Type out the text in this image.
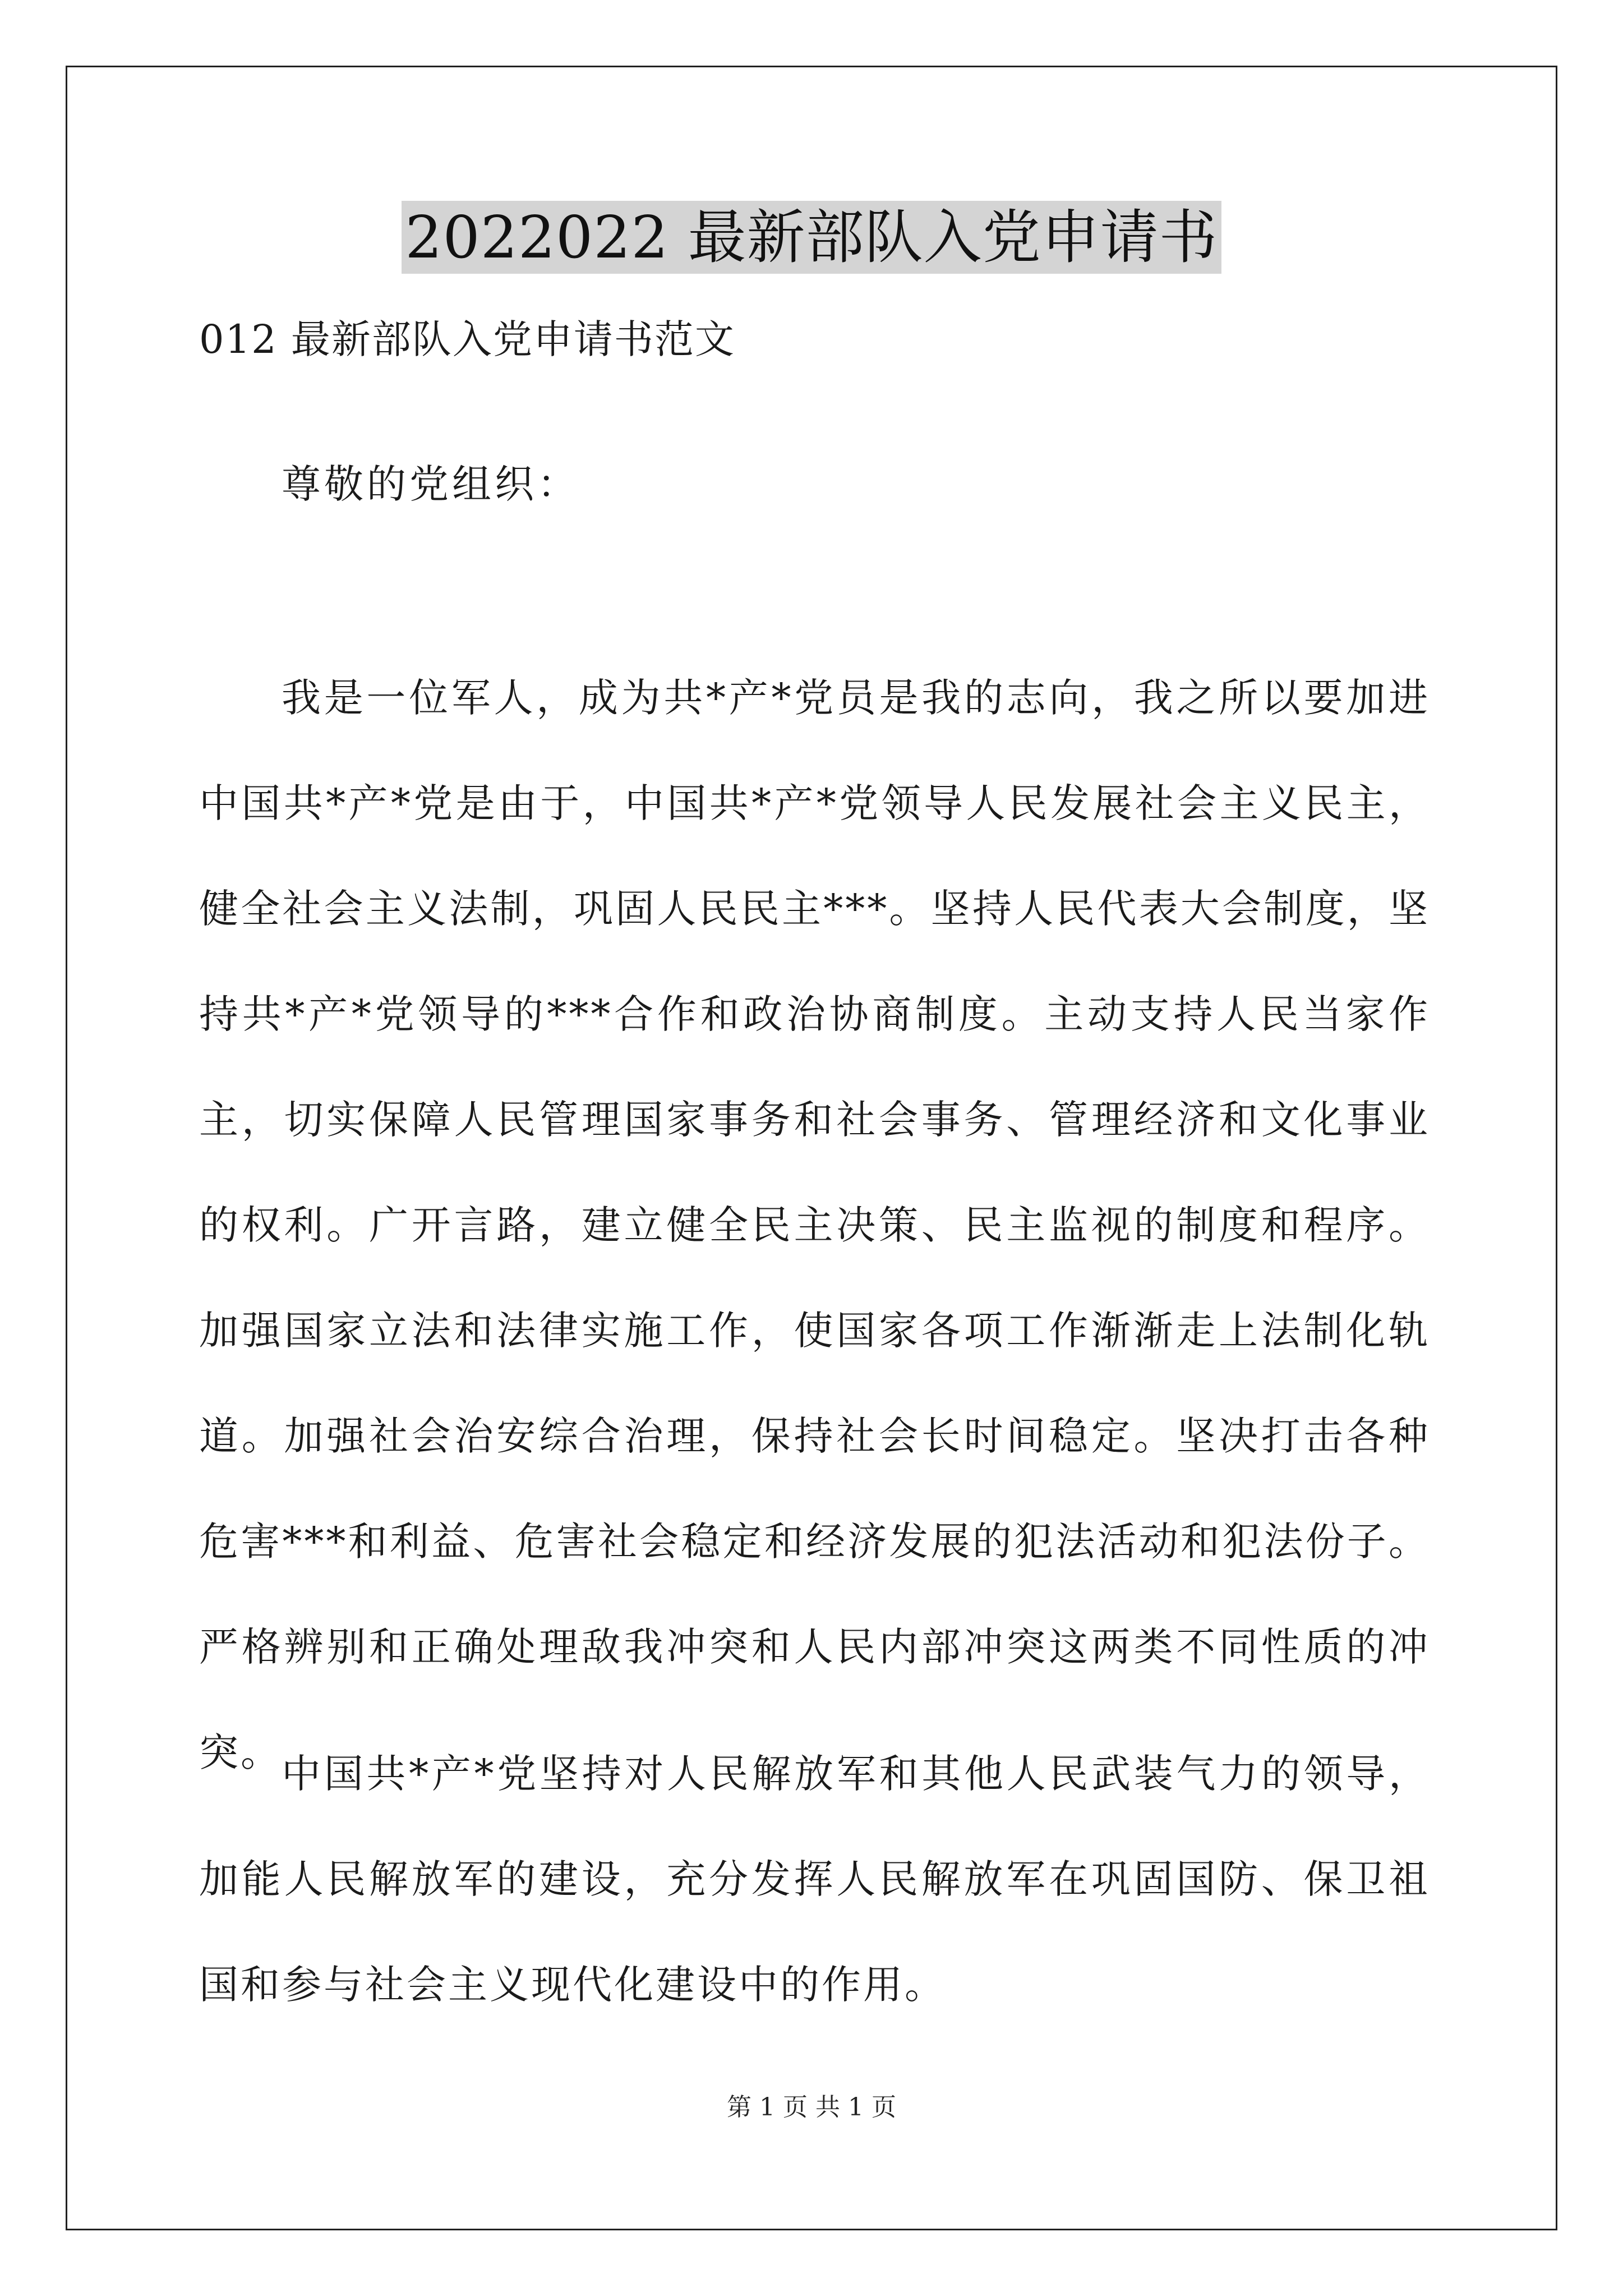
2022022 最新部队入党申请书
012 最新部队入党申请书范文
尊敬的党组织：

我是一位军人，成为共*产*党员是我的志向，我之所以要加进中国共*产*党是由于，中国共*产*党领导人民发展社会主义民主，健全社会主义法制，巩固人民民主***。坚持人民代表大会制度，坚持共*产*党领导的***合作和政治协商制度。主动支持人民当家作主，切实保障人民管理国家事务和社会事务、管理经济和文化事业的权利。广开言路，建立健全民主决策、民主监视的制度和程序。加强国家立法和法律实施工作，使国家各项工作渐渐走上法制化轨道。加强社会治安综合治理，保持社会长时间稳定。坚决打击各种危害***和利益、危害社会稳定和经济发展的犯法活动和犯法份子。严格辨别和正确处理敌我冲突和人民内部冲突这两类不同性质的冲突。 中国共*产*党坚持对人民解放军和其他人民武装气力的领导，加能人民解放军的建设，充分发挥人民解放军在巩固国防、保卫祖国和参与社会主义现代化建设中的作用。

第 1 页 共 1 页
